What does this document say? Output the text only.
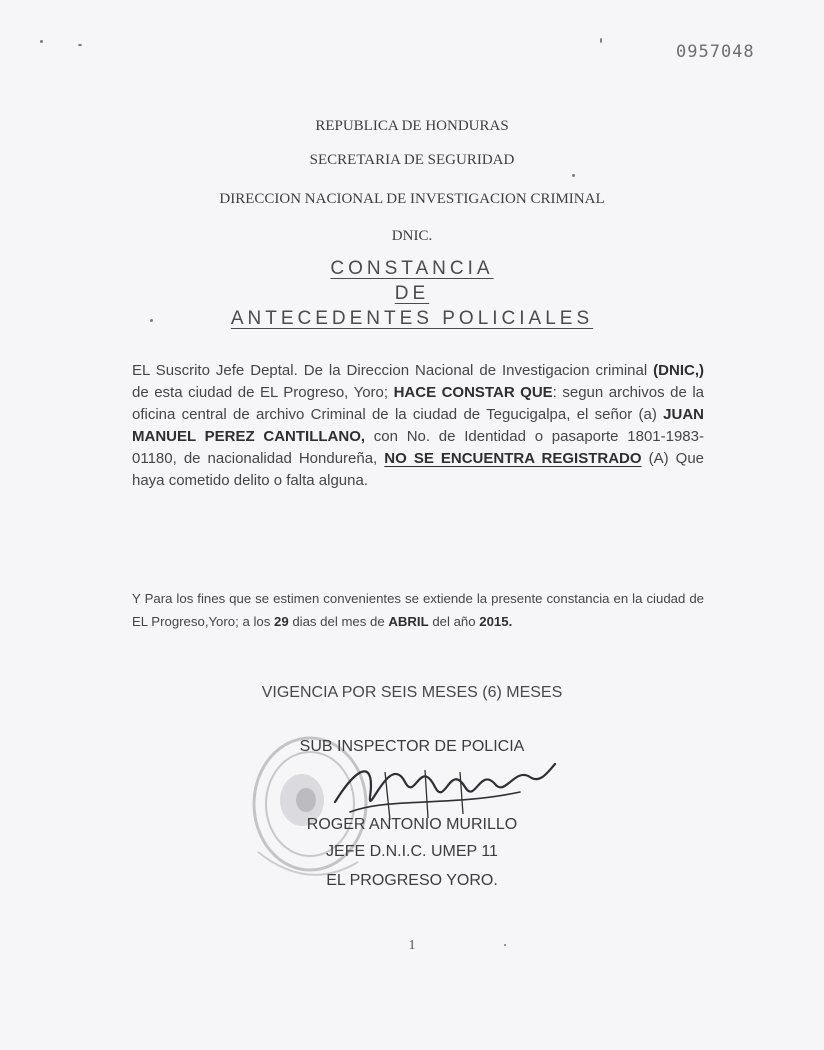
0957048
REPUBLICA DE HONDURAS
SECRETARIA DE SEGURIDAD
DIRECCION NACIONAL DE INVESTIGACION CRIMINAL
DNIC.
CONSTANCIA
DE
ANTECEDENTES POLICIALES
EL Suscrito Jefe Deptal. De la Direccion Nacional de Investigacion criminal (DNIC,) de esta ciudad de EL Progreso, Yoro; HACE CONSTAR QUE: segun archivos de la oficina central de archivo Criminal de la ciudad de Tegucigalpa, el señor (a) JUAN MANUEL PEREZ CANTILLANO, con No. de Identidad o pasaporte 1801-1983-01180, de nacionalidad Hondureña, NO SE ENCUENTRA REGISTRADO (A) Que haya cometido delito o falta alguna.
Y Para los fines que se estimen convenientes se extiende la presente constancia en la ciudad de EL Progreso,Yoro; a los 29 dias del mes de ABRIL del año 2015.
VIGENCIA POR SEIS MESES (6) MESES
SUB INSPECTOR DE POLICIA
ROGER ANTONIO MURILLO
JEFE D.N.I.C. UMEP 11
EL PROGRESO YORO.
1
